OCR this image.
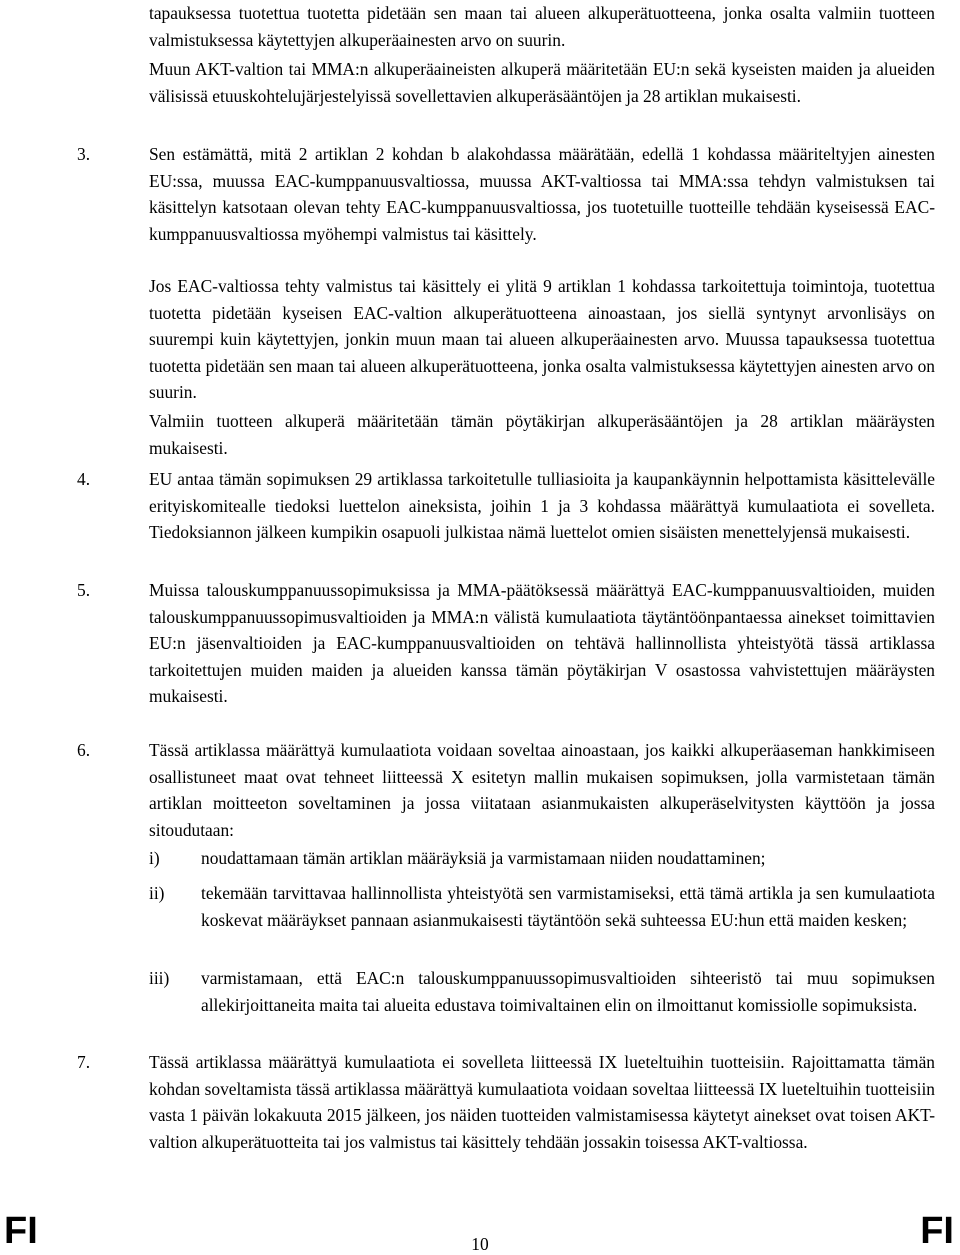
tapauksessa tuotettua tuotetta pidetään sen maan tai alueen alkuperätuotteena, jonka osalta valmiin tuotteen valmistuksessa käytettyjen alkuperäainesten arvo on suurin.

Muun AKT-valtion tai MMA:n alkuperäaineisten alkuperä määritetään EU:n sekä kyseisten maiden ja alueiden välisissä etuuskohtelujärjestelyissä sovellettavien alkuperäsääntöjen ja 28 artiklan mukaisesti.

3.	Sen estämättä, mitä 2 artiklan 2 kohdan b alakohdassa määrätään, edellä 1 kohdassa määriteltyjen ainesten EU:ssa, muussa EAC-kumppanuusvaltiossa, muussa AKT-valtiossa tai MMA:ssa tehdyn valmistuksen tai käsittelyn katsotaan olevan tehty EAC-kumppanuusvaltiossa, jos tuotetuille tuotteille tehdään kyseisessä EAC-kumppanuusvaltiossa myöhempi valmistus tai käsittely.

Jos EAC-valtiossa tehty valmistus tai käsittely ei ylitä 9 artiklan 1 kohdassa tarkoitettuja toimintoja, tuotettua tuotetta pidetään kyseisen EAC-valtion alkuperätuotteena ainoastaan, jos siellä syntynyt arvonlisäys on suurempi kuin käytettyjen, jonkin muun maan tai alueen alkuperäainesten arvo. Muussa tapauksessa tuotettua tuotetta pidetään sen maan tai alueen alkuperätuotteena, jonka osalta valmistuksessa käytettyjen ainesten arvo on suurin.

Valmiin tuotteen alkuperä määritetään tämän pöytäkirjan alkuperäsääntöjen ja 28 artiklan määräysten mukaisesti.

4.	EU antaa tämän sopimuksen 29 artiklassa tarkoitetulle tulliasioita ja kaupankäynnin helpottamista käsittelevälle erityiskomitealle tiedoksi luettelon aineksista, joihin 1 ja 3 kohdassa määrättyä kumulaatiota ei sovelleta. Tiedoksiannon jälkeen kumpikin osapuoli julkistaa nämä luettelot omien sisäisten menettelyjensä mukaisesti.

5.	Muissa talouskumppanuussopimuksissa ja MMA-päätöksessä määrättyä EAC-kumppanuusvaltioiden, muiden talouskumppanuussopimusvaltioiden ja MMA:n välistä kumulaatiota täytäntöönpantaessa ainekset toimittavien EU:n jäsenvaltioiden ja EAC-kumppanuusvaltioiden on tehtävä hallinnollista yhteistyötä tässä artiklassa tarkoitettujen muiden maiden ja alueiden kanssa tämän pöytäkirjan V osastossa vahvistettujen määräysten mukaisesti.

6.	Tässä artiklassa määrättyä kumulaatiota voidaan soveltaa ainoastaan, jos kaikki alkuperäaseman hankkimiseen osallistuneet maat ovat tehneet liitteessä X esitetyn mallin mukaisen sopimuksen, jolla varmistetaan tämän artiklan moitteeton soveltaminen ja jossa viitataan asianmukaisten alkuperäselvitysten käyttöön ja jossa sitoudutaan:

i) noudattamaan tämän artiklan määräyksiä ja varmistamaan niiden noudattaminen;

ii) tekemään tarvittavaa hallinnollista yhteistyötä sen varmistamiseksi, että tämä artikla ja sen kumulaatiota koskevat määräykset pannaan asianmukaisesti täytäntöön sekä suhteessa EU:hun että maiden kesken;

iii) varmistamaan, että EAC:n talouskumppanuussopimusvaltioiden sihteeristö tai muu sopimuksen allekirjoittaneita maita tai alueita edustava toimivaltainen elin on ilmoittanut komissiolle sopimuksista.

7.	Tässä artiklassa määrättyä kumulaatiota ei sovelleta liitteessä IX lueteltuihin tuotteisiin. Rajoittamatta tämän kohdan soveltamista tässä artiklassa määrättyä kumulaatiota voidaan soveltaa liitteessä IX lueteltuihin tuotteisiin vasta 1 päivän lokakuuta 2015 jälkeen, jos näiden tuotteiden valmistamisessa käytetyt ainekset ovat toisen AKT-valtion alkuperätuotteita tai jos valmistus tai käsittely tehdään jossakin toisessa AKT-valtiossa.

FI	10	FI
